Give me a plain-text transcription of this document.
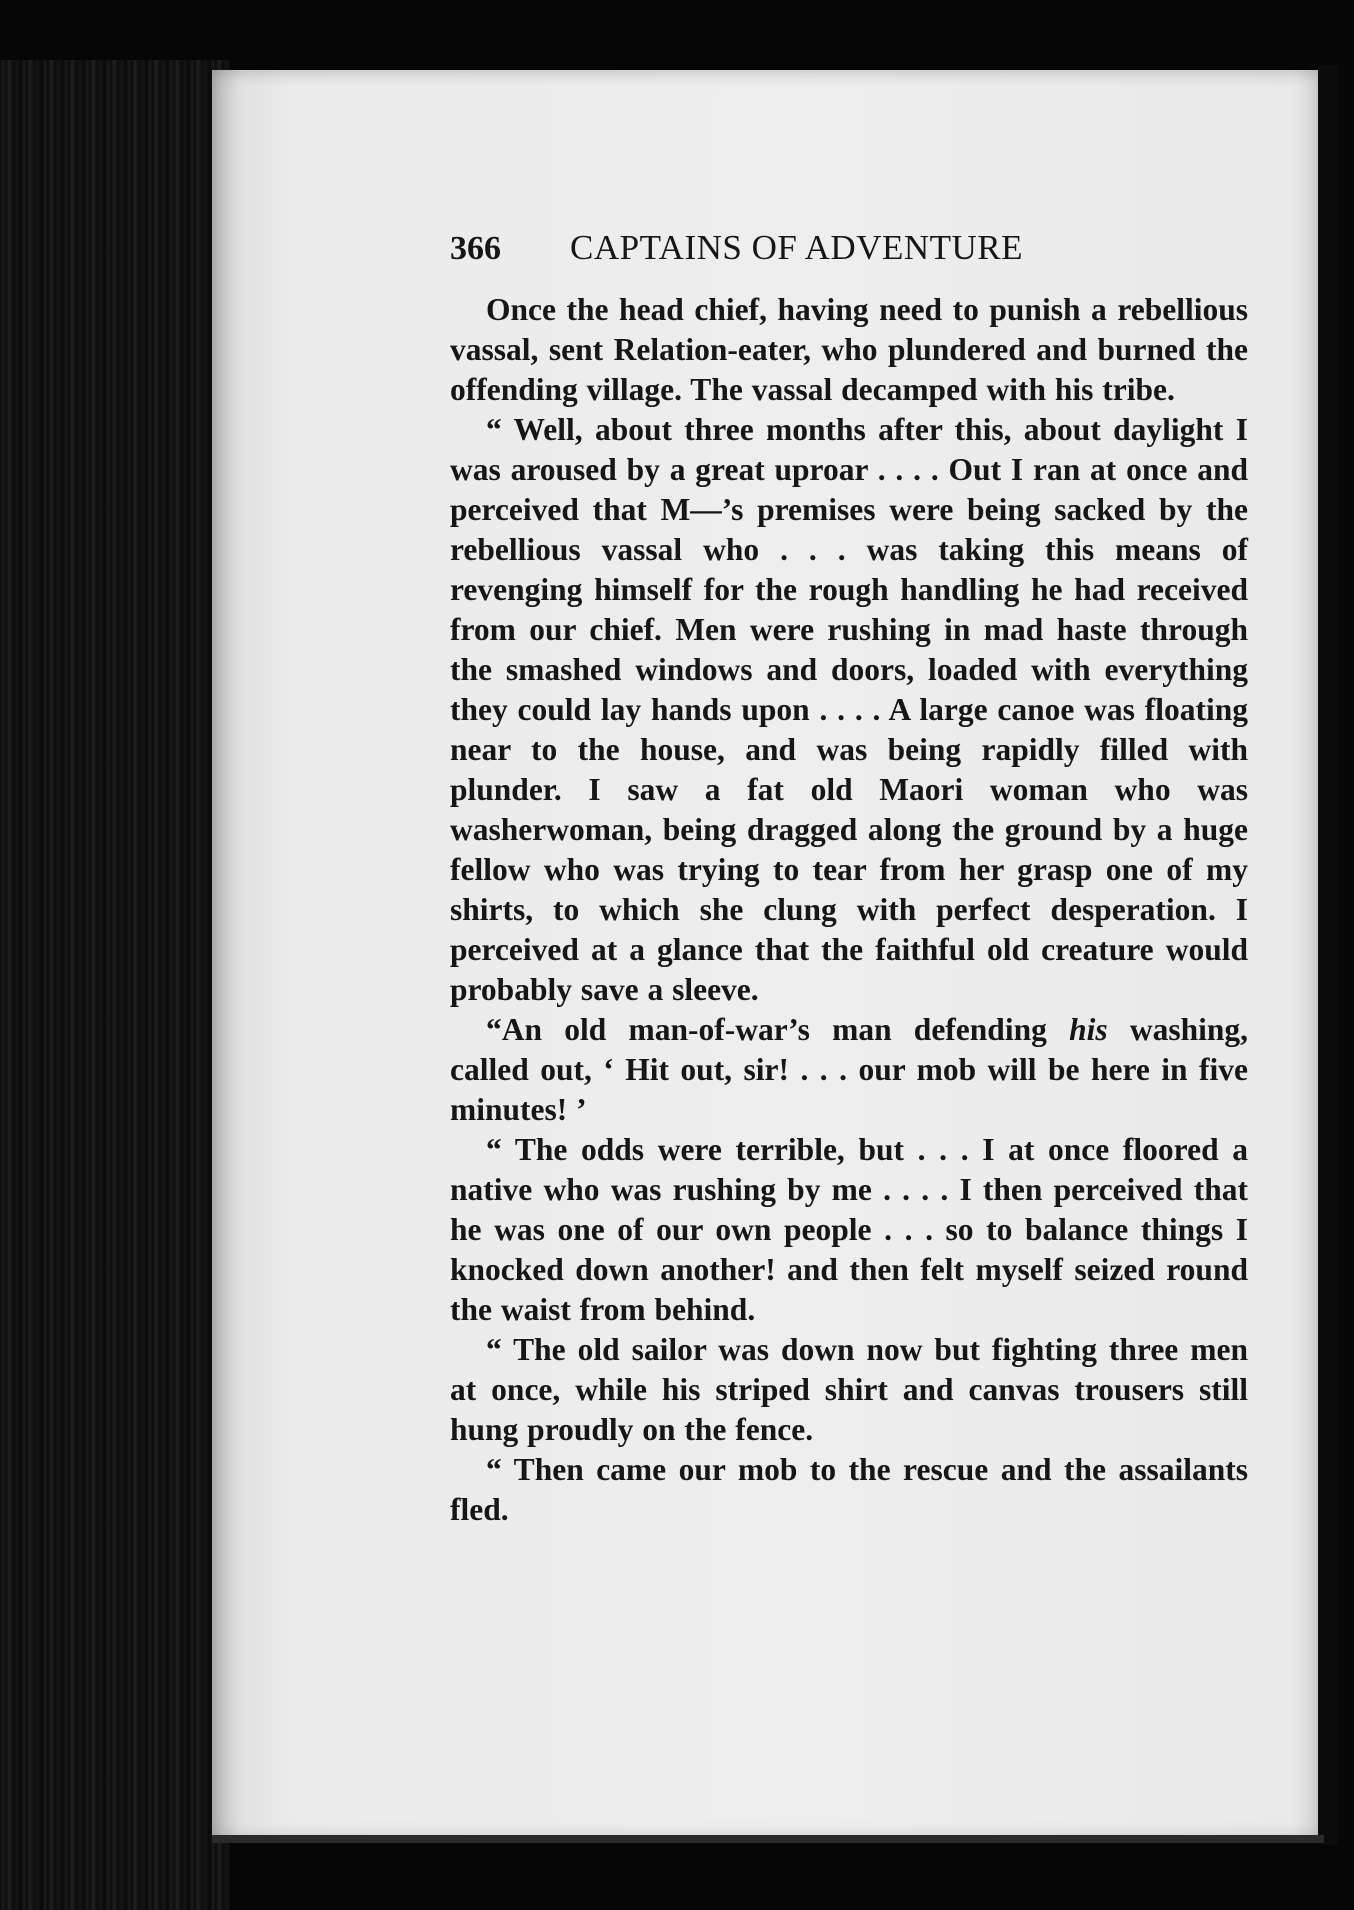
366	CAPTAINS OF ADVENTURE

Once the head chief, having need to punish a rebellious vassal, sent Relation-eater, who plundered and burned the offending village. The vassal decamped with his tribe.

“ Well, about three months after this, about daylight I was aroused by a great uproar . . . . Out I ran at once and perceived that M—’s premises were being sacked by the rebellious vassal who . . . was taking this means of revenging himself for the rough handling he had received from our chief. Men were rushing in mad haste through the smashed windows and doors, loaded with everything they could lay hands upon . . . . A large canoe was floating near to the house, and was being rapidly filled with plunder. I saw a fat old Maori woman who was washerwoman, being dragged along the ground by a huge fellow who was trying to tear from her grasp one of my shirts, to which she clung with perfect desperation. I perceived at a glance that the faithful old creature would probably save a sleeve.

“An old man-of-war’s man defending his washing, called out, ‘ Hit out, sir! . . . our mob will be here in five minutes! ’

“ The odds were terrible, but . . . I at once floored a native who was rushing by me . . . . I then perceived that he was one of our own people . . . so to balance things I knocked down another! and then felt myself seized round the waist from behind.

“ The old sailor was down now but fighting three men at once, while his striped shirt and canvas trousers still hung proudly on the fence.

“ Then came our mob to the rescue and the assailants fled.
